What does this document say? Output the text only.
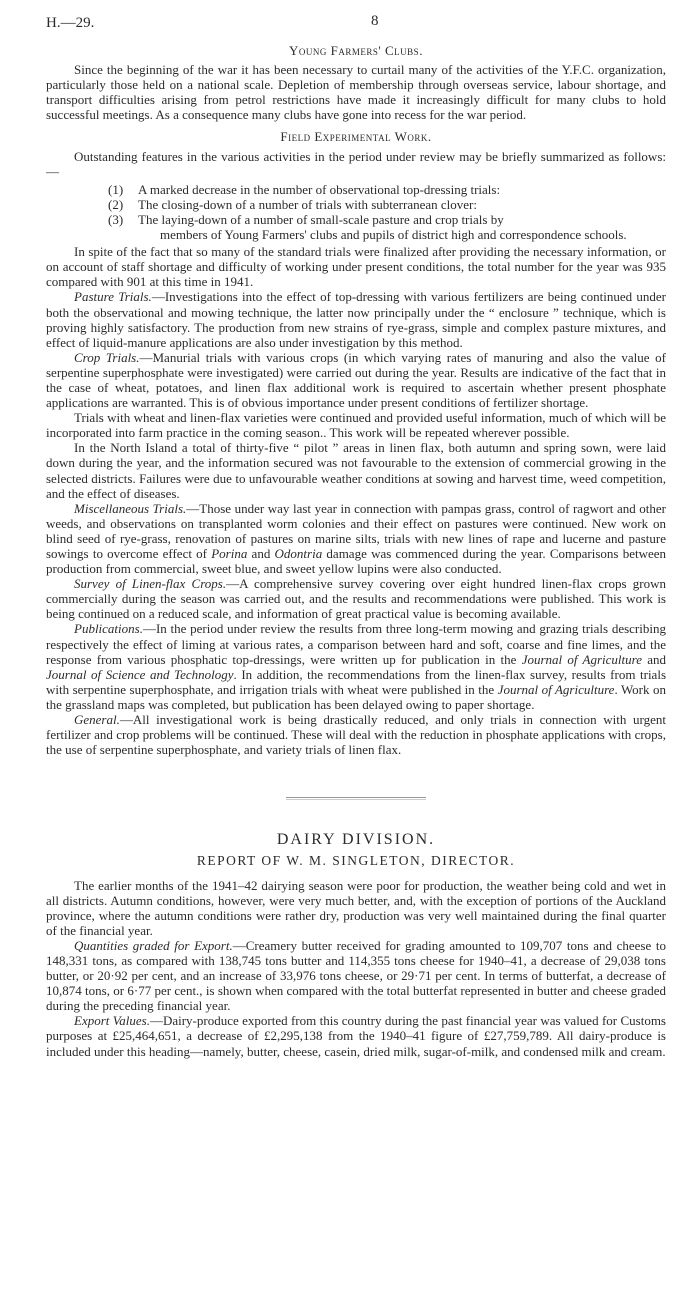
H.—29.	8
Young Farmers' Clubs.

Since the beginning of the war it has been necessary to curtail many of the activities of the Y.F.C. organization, particularly those held on a national scale. Depletion of membership through overseas service, labour shortage, and transport difficulties arising from petrol restrictions have made it increasingly difficult for many clubs to hold successful meetings. As a consequence many clubs have gone into recess for the war period.

Field Experimental Work.

Outstanding features in the various activities in the period under review may be briefly summarized as follows: —

(1) A marked decrease in the number of observational top-dressing trials:
(2) The closing-down of a number of trials with subterranean clover:
(3) The laying-down of a number of small-scale pasture and crop trials by
members of Young Farmers' clubs and pupils of district high and correspondence schools.

In spite of the fact that so many of the standard trials were finalized after providing the necessary information, or on account of staff shortage and difficulty of working under present conditions, the total number for the year was 935 compared with 901 at this time in 1941.

Pasture Trials.—Investigations into the effect of top-dressing with various fertilizers are being continued under both the observational and mowing technique, the latter now principally under the “ enclosure ” technique, which is proving highly satisfactory. The production from new strains of rye-grass, simple and complex pasture mixtures, and effect of liquid-manure applications are also under investigation by this method.

Crop Trials.—Manurial trials with various crops (in which varying rates of manuring and also the value of serpentine superphosphate were investigated) were carried out during the year. Results are indicative of the fact that in the case of wheat, potatoes, and linen flax additional work is required to ascertain whether present phosphate applications are warranted. This is of obvious importance under present conditions of fertilizer shortage.

Trials with wheat and linen-flax varieties were continued and provided useful information, much of which will be incorporated into farm practice in the coming season.. This work will be repeated wherever possible.

In the North Island a total of thirty-five “ pilot ” areas in linen flax, both autumn and spring sown, were laid down during the year, and the information secured was not favourable to the extension of commercial growing in the selected districts. Failures were due to unfavourable weather conditions at sowing and harvest time, weed competition, and the effect of diseases.

Miscellaneous Trials.—Those under way last year in connection with pampas grass, control of ragwort and other weeds, and observations on transplanted worm colonies and their effect on pastures were continued. New work on blind seed of rye-grass, renovation of pastures on marine silts, trials with new lines of rape and lucerne and pasture sowings to overcome effect of Porina and Odontria damage was commenced during the year. Comparisons between production from commercial, sweet blue, and sweet yellow lupins were also conducted.

Survey of Linen-flax Crops.—A comprehensive survey covering over eight hundred linen-flax crops grown commercially during the season was carried out, and the results and recommendations were published. This work is being continued on a reduced scale, and information of great practical value is becoming available.

Publications.—In the period under review the results from three long-term mowing and grazing trials describing respectively the effect of liming at various rates, a comparison between hard and soft, coarse and fine limes, and the response from various phosphatic top-dressings, were written up for publication in the Journal of Agriculture and Journal of Science and Technology. In addition, the recommendations from the linen-flax survey, results from trials with serpentine superphosphate, and irrigation trials with wheat were published in the Journal of Agriculture. Work on the grassland maps was completed, but publication has been delayed owing to paper shortage.

General.—All investigational work is being drastically reduced, and only trials in connection with urgent fertilizer and crop problems will be continued. These will deal with the reduction in phosphate applications with crops, the use of serpentine superphosphate, and variety trials of linen flax.

DAIRY DIVISION.
REPORT OF W. M. SINGLETON, DIRECTOR.

The earlier months of the 1941–42 dairying season were poor for production, the weather being cold and wet in all districts. Autumn conditions, however, were very much better, and, with the exception of portions of the Auckland province, where the autumn conditions were rather dry, production was very well maintained during the final quarter of the financial year.

Quantities graded for Export.—Creamery butter received for grading amounted to 109,707 tons and cheese to 148,331 tons, as compared with 138,745 tons butter and 114,355 tons cheese for 1940–41, a decrease of 29,038 tons butter, or 20·92 per cent, and an increase of 33,976 tons cheese, or 29·71 per cent. In terms of butterfat, a decrease of 10,874 tons, or 6·77 per cent., is shown when compared with the total butterfat represented in butter and cheese graded during the preceding financial year.

Export Values.—Dairy-produce exported from this country during the past financial year was valued for Customs purposes at £25,464,651, a decrease of £2,295,138 from the 1940–41 figure of £27,759,789. All dairy-produce is included under this heading—namely, butter, cheese, casein, dried milk, sugar-of-milk, and condensed milk and cream.
